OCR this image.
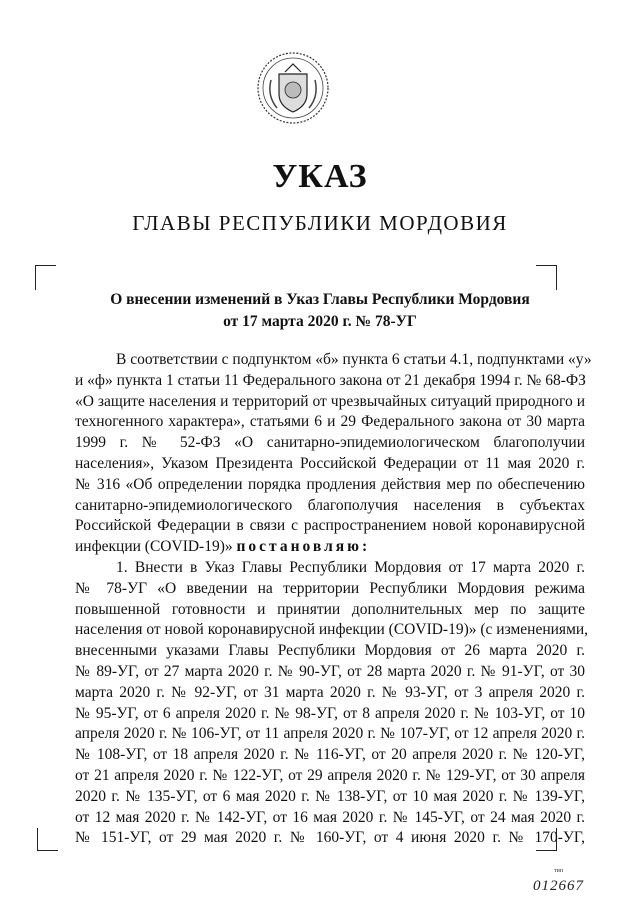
УКАЗ
ГЛАВЫ РЕСПУБЛИКИ МОРДОВИЯ
О внесении изменений в Указ Главы Республики Мордовия
от 17 марта 2020 г. № 78-УГ
В соответствии с подпунктом «б» пункта 6 статьи 4.1, подпунктами «у»
и «ф» пункта 1 статьи 11 Федерального закона от 21 декабря 1994 г. № 68-ФЗ
«О защите населения и территорий от чрезвычайных ситуаций природного и
техногенного характера», статьями 6 и 29 Федерального закона от 30 марта
1999 г. № 52-ФЗ «О санитарно-эпидемиологическом благополучии
населения», Указом Президента Российской Федерации от 11 мая 2020 г.
№ 316 «Об определении порядка продления действия мер по обеспечению
санитарно-эпидемиологического благополучия населения в субъектах
Российской Федерации в связи с распространением новой коронавирусной
инфекции (COVID-19)» постановляю:
1. Внести в Указ Главы Республики Мордовия от 17 марта 2020 г.
№ 78-УГ «О введении на территории Республики Мордовия режима
повышенной готовности и принятии дополнительных мер по защите
населения от новой коронавирусной инфекции (COVID-19)» (с изменениями,
внесенными указами Главы Республики Мордовия от 26 марта 2020 г.
№ 89-УГ, от 27 марта 2020 г. № 90-УГ, от 28 марта 2020 г. № 91-УГ, от 30
марта 2020 г. № 92-УГ, от 31 марта 2020 г. № 93-УГ, от 3 апреля 2020 г.
№ 95-УГ, от 6 апреля 2020 г. № 98-УГ, от 8 апреля 2020 г. № 103-УГ, от 10
апреля 2020 г. № 106-УГ, от 11 апреля 2020 г. № 107-УГ, от 12 апреля 2020 г.
№ 108-УГ, от 18 апреля 2020 г. № 116-УГ, от 20 апреля 2020 г. № 120-УГ,
от 21 апреля 2020 г. № 122-УГ, от 29 апреля 2020 г. № 129-УГ, от 30 апреля
2020 г. № 135-УГ, от 6 мая 2020 г. № 138-УГ, от 10 мая 2020 г. № 139-УГ,
от 12 мая 2020 г. № 142-УГ, от 16 мая 2020 г. № 145-УГ, от 24 мая 2020 г.
№ 151-УГ, от 29 мая 2020 г. № 160-УГ, от 4 июня 2020 г. № 170-УГ,
тип
012667
